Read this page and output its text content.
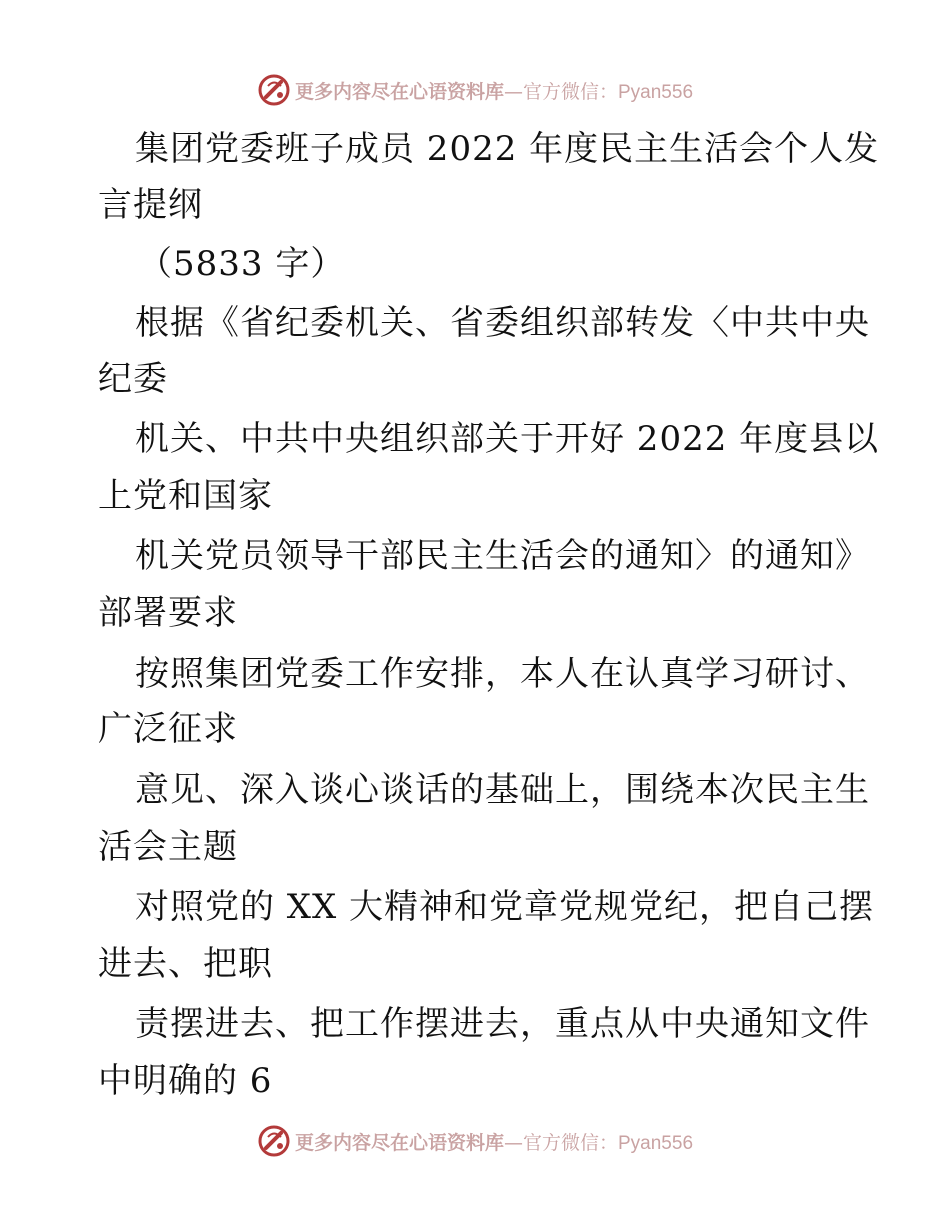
更多内容尽在心语资料库—官方微信：Pyan556
集团党委班子成员 2022 年度民主生活会个人发
言提纲
（5833 字）
根据《省纪委机关、省委组织部转发〈中共中央
纪委
机关、中共中央组织部关于开好 2022 年度县以
上党和国家
机关党员领导干部民主生活会的通知〉的通知》
部署要求
按照集团党委工作安排，本人在认真学习研讨、
广泛征求
意见、深入谈心谈话的基础上，围绕本次民主生
活会主题
对照党的 XX 大精神和党章党规党纪，把自己摆
进去、把职
责摆进去、把工作摆进去，重点从中央通知文件
中明确的 6
更多内容尽在心语资料库—官方微信：Pyan556
